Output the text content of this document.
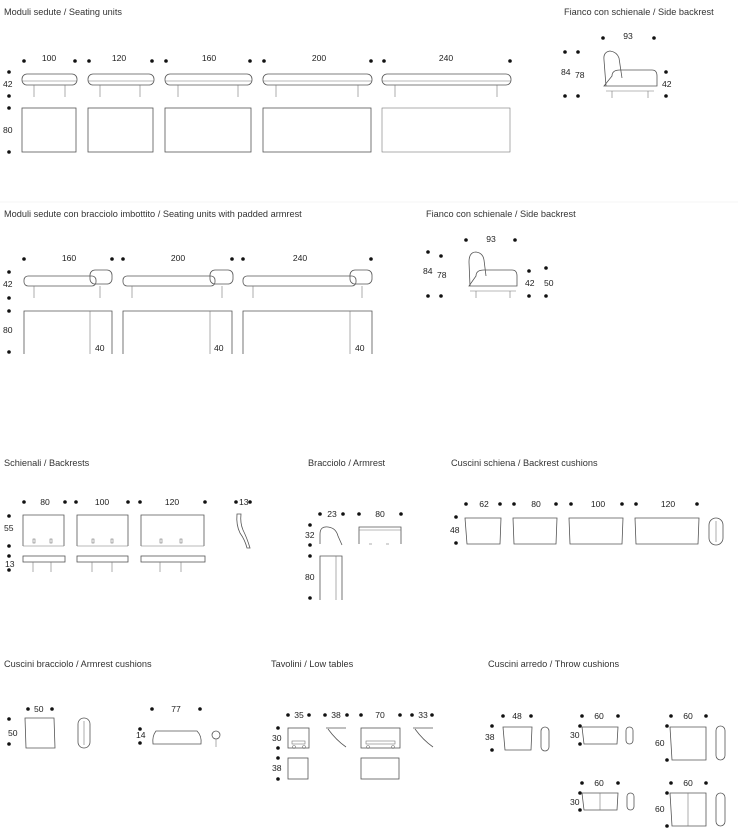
Moduli sedute / Seating units
100	120	160	200	240
42
80
Fianco con schienale / Side backrest
93
84 78
42
Moduli sedute con bracciolo imbottito / Seating units with padded armrest
160	200	240
42
80
40	40	40
Fianco con schienale / Side backrest
93
84 78
42 50
Schienali / Backrests
80	100	120	13
55
13
Bracciolo / Armrest
23	80
32
80
Cuscini schiena / Backrest cushions
62	80	100	120
48
Cuscini bracciolo / Armrest cushions
50
50
77
14
Tavolini / Low tables
35	38	70	33
30
38
Cuscini arredo / Throw cushions
48
38
60
30
60
60
60
30
60
60
